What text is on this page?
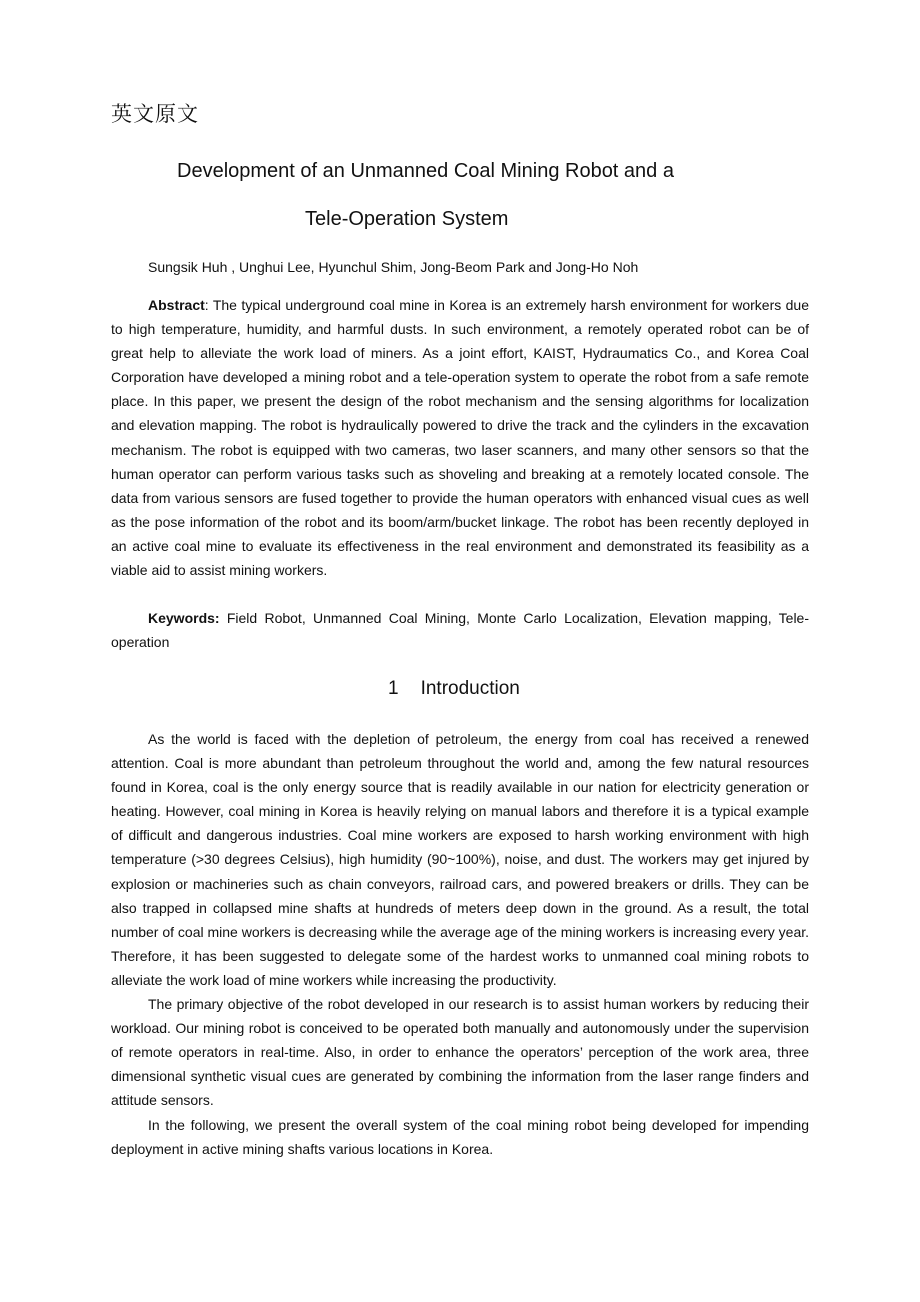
英文原文
Development of an Unmanned Coal Mining Robot and a
Tele-Operation System
Sungsik Huh , Unghui Lee, Hyunchul Shim, Jong-Beom Park and Jong-Ho Noh

Abstract: The typical underground coal mine in Korea is an extremely harsh environment for workers due to high temperature, humidity, and harmful dusts. In such environment, a remotely operated robot can be of great help to alleviate the work load of miners. As a joint effort, KAIST, Hydraumatics Co., and Korea Coal Corporation have developed a mining robot and a tele-operation system to operate the robot from a safe remote place. In this paper, we present the design of the robot mechanism and the sensing algorithms for localization and elevation mapping. The robot is hydraulically powered to drive the track and the cylinders in the excavation mechanism. The robot is equipped with two cameras, two laser scanners, and many other sensors so that the human operator can perform various tasks such as shoveling and breaking at a remotely located console. The data from various sensors are fused together to provide the human operators with enhanced visual cues as well as the pose information of the robot and its boom/arm/bucket linkage. The robot has been recently deployed in an active coal mine to evaluate its effectiveness in the real environment and demonstrated its feasibility as a viable aid to assist mining workers.

Keywords: Field Robot, Unmanned Coal Mining, Monte Carlo Localization, Elevation mapping, Tele-operation

1 Introduction

As the world is faced with the depletion of petroleum, the energy from coal has received a renewed attention. Coal is more abundant than petroleum throughout the world and, among the few natural resources found in Korea, coal is the only energy source that is readily available in our nation for electricity generation or heating. However, coal mining in Korea is heavily relying on manual labors and therefore it is a typical example of difficult and dangerous industries. Coal mine workers are exposed to harsh working environment with high temperature (>30 degrees Celsius), high humidity (90~100%), noise, and dust. The workers may get injured by explosion or machineries such as chain conveyors, railroad cars, and powered breakers or drills. They can be also trapped in collapsed mine shafts at hundreds of meters deep down in the ground. As a result, the total number of coal mine workers is decreasing while the average age of the mining workers is increasing every year. Therefore, it has been suggested to delegate some of the hardest works to unmanned coal mining robots to alleviate the work load of mine workers while increasing the productivity.

The primary objective of the robot developed in our research is to assist human workers by reducing their workload. Our mining robot is conceived to be operated both manually and autonomously under the supervision of remote operators in real-time. Also, in order to enhance the operators’ perception of the work area, three dimensional synthetic visual cues are generated by combining the information from the laser range finders and attitude sensors.

In the following, we present the overall system of the coal mining robot being developed for impending deployment in active mining shafts various locations in Korea.
